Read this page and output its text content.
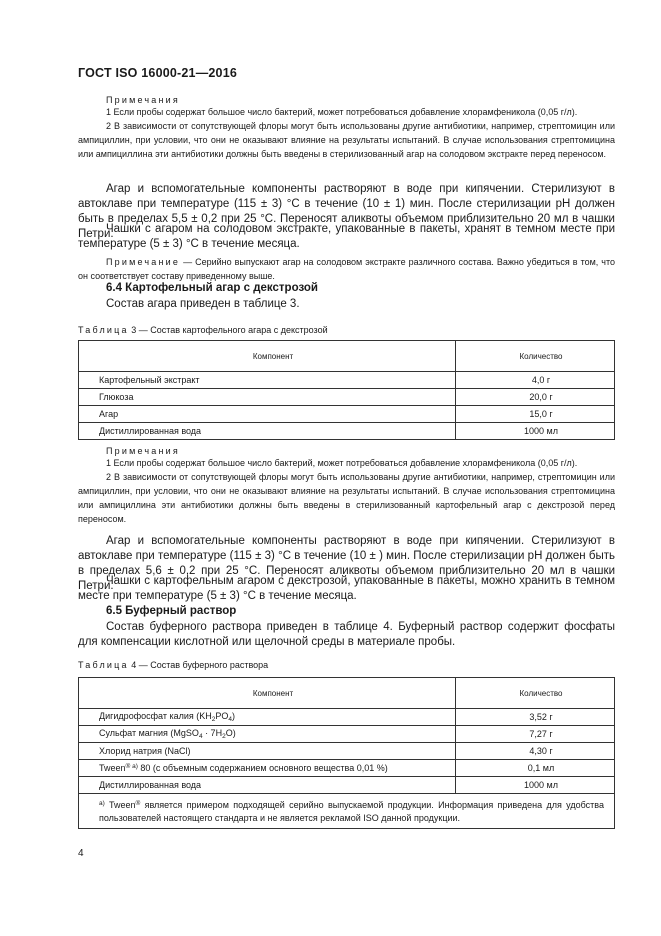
ГОСТ ISO 16000-21—2016
Примечания

1 Если пробы содержат большое число бактерий, может потребоваться добавление хлорамфеникола (0,05 г/л).

2 В зависимости от сопутствующей флоры могут быть использованы другие антибиотики, например, стрептомицин или ампициллин, при условии, что они не оказывают влияние на результаты испытаний. В случае использования стрептомицина или ампициллина эти антибиотики должны быть введены в стерилизованный агар на солодовом экстракте перед переносом.

Агар и вспомогательные компоненты растворяют в воде при кипячении. Стерилизуют в автоклаве при температуре (115 ± 3) °С в течение (10 ± 1) мин. После стерилизации pH должен быть в пределах 5,5 ± 0,2 при 25 °С. Переносят аликвоты объемом приблизительно 20 мл в чашки Петри.

Чашки с агаром на солодовом экстракте, упакованные в пакеты, хранят в темном месте при температуре (5 ± 3) °С в течение месяца.

Примечание — Серийно выпускают агар на солодовом экстракте различного состава. Важно убедиться в том, что он соответствует составу приведенному выше.

6.4 Картофельный агар с декстрозой

Состав агара приведен в таблице 3.

Таблица 3 — Состав картофельного агара с декстрозой
Компонент	Количество
Картофельный экстракт	4,0 г
Глюкоза	20,0 г
Агар	15,0 г
Дистиллированная вода	1000 мл
Примечания

1 Если пробы содержат большое число бактерий, может потребоваться добавление хлорамфеникола (0,05 г/л).

2 В зависимости от сопутствующей флоры могут быть использованы другие антибиотики, например, стрептомицин или ампициллин, при условии, что они не оказывают влияние на результаты испытаний. В случае использования стрептомицина или ампициллина эти антибиотики должны быть введены в стерилизованный картофельный агар с декстрозой перед переносом.

Агар и вспомогательные компоненты растворяют в воде при кипячении. Стерилизуют в автоклаве при температуре (115 ± 3) °С в течение (10 ± ) мин. После стерилизации pH должен быть в пределах 5,6 ± 0,2 при 25 °С. Переносят аликвоты объемом приблизительно 20 мл в чашки Петри.

Чашки с картофельным агаром с декстрозой, упакованные в пакеты, можно хранить в темном месте при температуре (5 ± 3) °С в течение месяца.

6.5 Буферный раствор

Состав буферного раствора приведен в таблице 4. Буферный раствор содержит фосфаты для компенсации кислотной или щелочной среды в материале пробы.

Таблица 4 — Состав буферного раствора
Компонент	Количество
Дигидрофосфат калия $(KH_2PO_4)$	3,52 г
Сульфат магния (MgSO$_4$ · $7H_2O$)	7,27 г
Хлорид натрия (NaCl)	4,30 г
Tween$^{® a)}$ 80 (с объемным содержанием основного вещества 0,01 %)	0,1 мл
Дистиллированная вода	1000 мл
$^{a)}$ Tween® является примером подходящей серийно выпускаемой продукции. Информация приведена для удобства пользователей настоящего стандарта и не является рекламой ISO данной продукции.	
4
